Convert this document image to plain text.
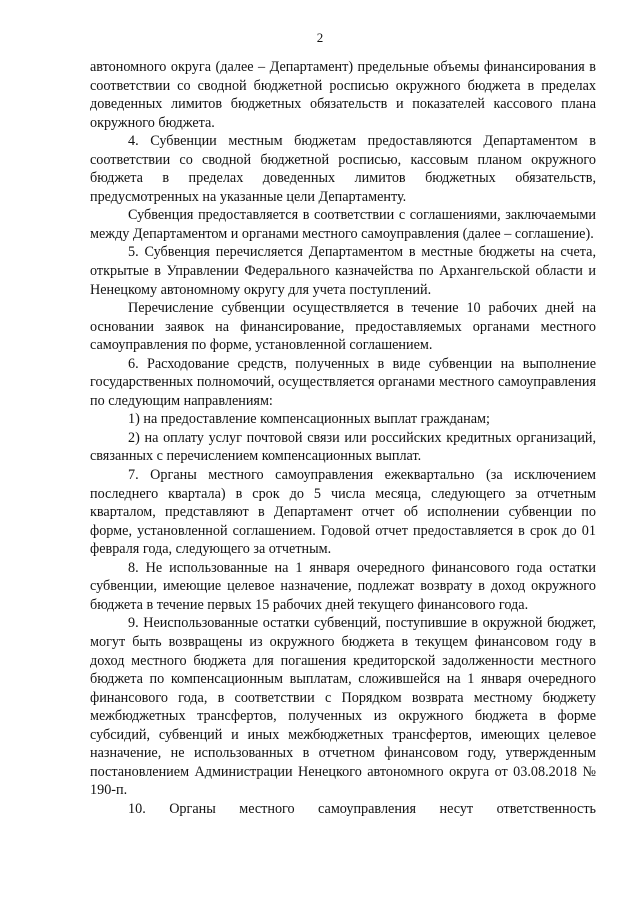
2

автономного округа (далее – Департамент) предельные объемы финансирования в соответствии со сводной бюджетной росписью окружного бюджета в пределах доведенных лимитов бюджетных обязательств и показателей кассового плана окружного бюджета.

4. Субвенции местным бюджетам предоставляются Департаментом в соответствии со сводной бюджетной росписью, кассовым планом окружного бюджета в пределах доведенных лимитов бюджетных обязательств, предусмотренных на указанные цели Департаменту.

Субвенция предоставляется в соответствии с соглашениями, заключаемыми между Департаментом и органами местного самоуправления (далее – соглашение).

5. Субвенция перечисляется Департаментом в местные бюджеты на счета, открытые в Управлении Федерального казначейства по Архангельской области и Ненецкому автономному округу для учета поступлений.

Перечисление субвенции осуществляется в течение 10 рабочих дней на основании заявок на финансирование, предоставляемых органами местного самоуправления по форме, установленной соглашением.

6. Расходование средств, полученных в виде субвенции на выполнение государственных полномочий, осуществляется органами местного самоуправления по следующим направлениям:

1) на предоставление компенсационных выплат гражданам;

2) на оплату услуг почтовой связи или российских кредитных организаций, связанных с перечислением компенсационных выплат.

7. Органы местного самоуправления ежеквартально (за исключением последнего квартала) в срок до 5 числа месяца, следующего за отчетным кварталом, представляют в Департамент отчет об исполнении субвенции по форме, установленной соглашением. Годовой отчет предоставляется в срок до 01 февраля года, следующего за отчетным.

8. Не использованные на 1 января очередного финансового года остатки субвенции, имеющие целевое назначение, подлежат возврату в доход окружного бюджета в течение первых 15 рабочих дней текущего финансового года.

9. Неиспользованные остатки субвенций, поступившие в окружной бюджет, могут быть возвращены из окружного бюджета в текущем финансовом году в доход местного бюджета для погашения кредиторской задолженности местного бюджета по компенсационным выплатам, сложившейся на 1 января очередного финансового года, в соответствии с Порядком возврата местному бюджету межбюджетных трансфертов, полученных из окружного бюджета в форме субсидий, субвенций и иных межбюджетных трансфертов, имеющих целевое назначение, не использованных в отчетном финансовом году, утвержденным постановлением Администрации Ненецкого автономного округа от 03.08.2018 № 190-п.

10. Органы местного самоуправления несут ответственность
